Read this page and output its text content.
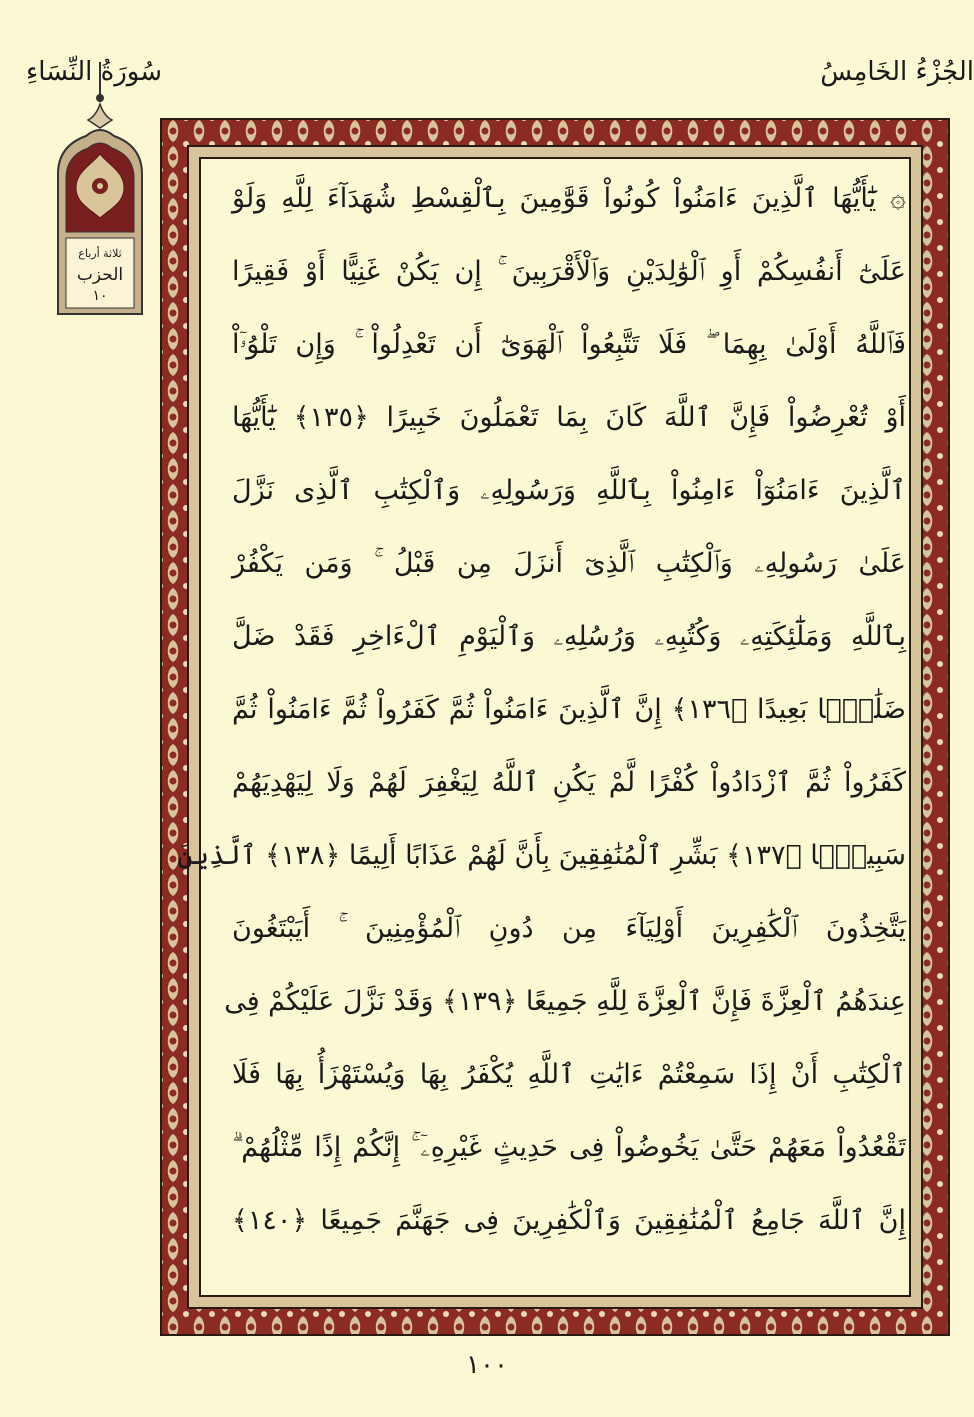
سُورَةُ النِّسَاءِ	الجُزْءُ الخَامِسُ
ثلاثة أرباع
الحزب
١٠
۞ يَٰٓأَيُّهَا ٱلَّذِينَ ءَامَنُواْ كُونُواْ قَوَّٰمِينَ بِٱلْقِسْطِ شُهَدَآءَ لِلَّهِ وَلَوْ
عَلَىٰٓ أَنفُسِكُمْ أَوِ ٱلْوَٰلِدَيْنِ وَٱلْأَقْرَبِينَ ۚ إِن يَكُنْ غَنِيًّا أَوْ فَقِيرًا
فَٱللَّهُ أَوْلَىٰ بِهِمَا ۖ فَلَا تَتَّبِعُواْ ٱلْهَوَىٰٓ أَن تَعْدِلُواْ ۚ وَإِن تَلْوُۥٓاْ
أَوْ تُعْرِضُواْ فَإِنَّ ٱللَّهَ كَانَ بِمَا تَعْمَلُونَ خَبِيرًا ﴿١٣٥﴾ يَٰٓأَيُّهَا
ٱلَّذِينَ ءَامَنُوٓاْ ءَامِنُواْ بِٱللَّهِ وَرَسُولِهِۦ وَٱلْكِتَٰبِ ٱلَّذِى نَزَّلَ
عَلَىٰ رَسُولِهِۦ وَٱلْكِتَٰبِ ٱلَّذِىٓ أَنزَلَ مِن قَبْلُ ۚ وَمَن يَكْفُرْ
بِٱللَّهِ وَمَلَٰٓئِكَتِهِۦ وَكُتُبِهِۦ وَرُسُلِهِۦ وَٱلْيَوْمِ ٱلْءَاخِرِ فَقَدْ ضَلَّ
ضَلَٰلًۢا بَعِيدًا ﴿١٣٦﴾ إِنَّ ٱلَّذِينَ ءَامَنُواْ ثُمَّ كَفَرُواْ ثُمَّ ءَامَنُواْ ثُمَّ
كَفَرُواْ ثُمَّ ٱزْدَادُواْ كُفْرًا لَّمْ يَكُنِ ٱللَّهُ لِيَغْفِرَ لَهُمْ وَلَا لِيَهْدِيَهُمْ
سَبِيلًۢا ﴿١٣٧﴾ بَشِّرِ ٱلْمُنَٰفِقِينَ بِأَنَّ لَهُمْ عَذَابًا أَلِيمًا ﴿١٣٨﴾ ٱلَّذِينَ
يَتَّخِذُونَ ٱلْكَٰفِرِينَ أَوْلِيَآءَ مِن دُونِ ٱلْمُؤْمِنِينَ ۚ أَيَبْتَغُونَ
عِندَهُمُ ٱلْعِزَّةَ فَإِنَّ ٱلْعِزَّةَ لِلَّهِ جَمِيعًا ﴿١٣٩﴾ وَقَدْ نَزَّلَ عَلَيْكُمْ فِى
ٱلْكِتَٰبِ أَنْ إِذَا سَمِعْتُمْ ءَايَٰتِ ٱللَّهِ يُكْفَرُ بِهَا وَيُسْتَهْزَأُ بِهَا فَلَا
تَقْعُدُواْ مَعَهُمْ حَتَّىٰ يَخُوضُواْ فِى حَدِيثٍ غَيْرِهِۦٓ ۚ إِنَّكُمْ إِذًا مِّثْلُهُمْ ۗ
إِنَّ ٱللَّهَ جَامِعُ ٱلْمُنَٰفِقِينَ وَٱلْكَٰفِرِينَ فِى جَهَنَّمَ جَمِيعًا ﴿١٤٠﴾
١٠٠
